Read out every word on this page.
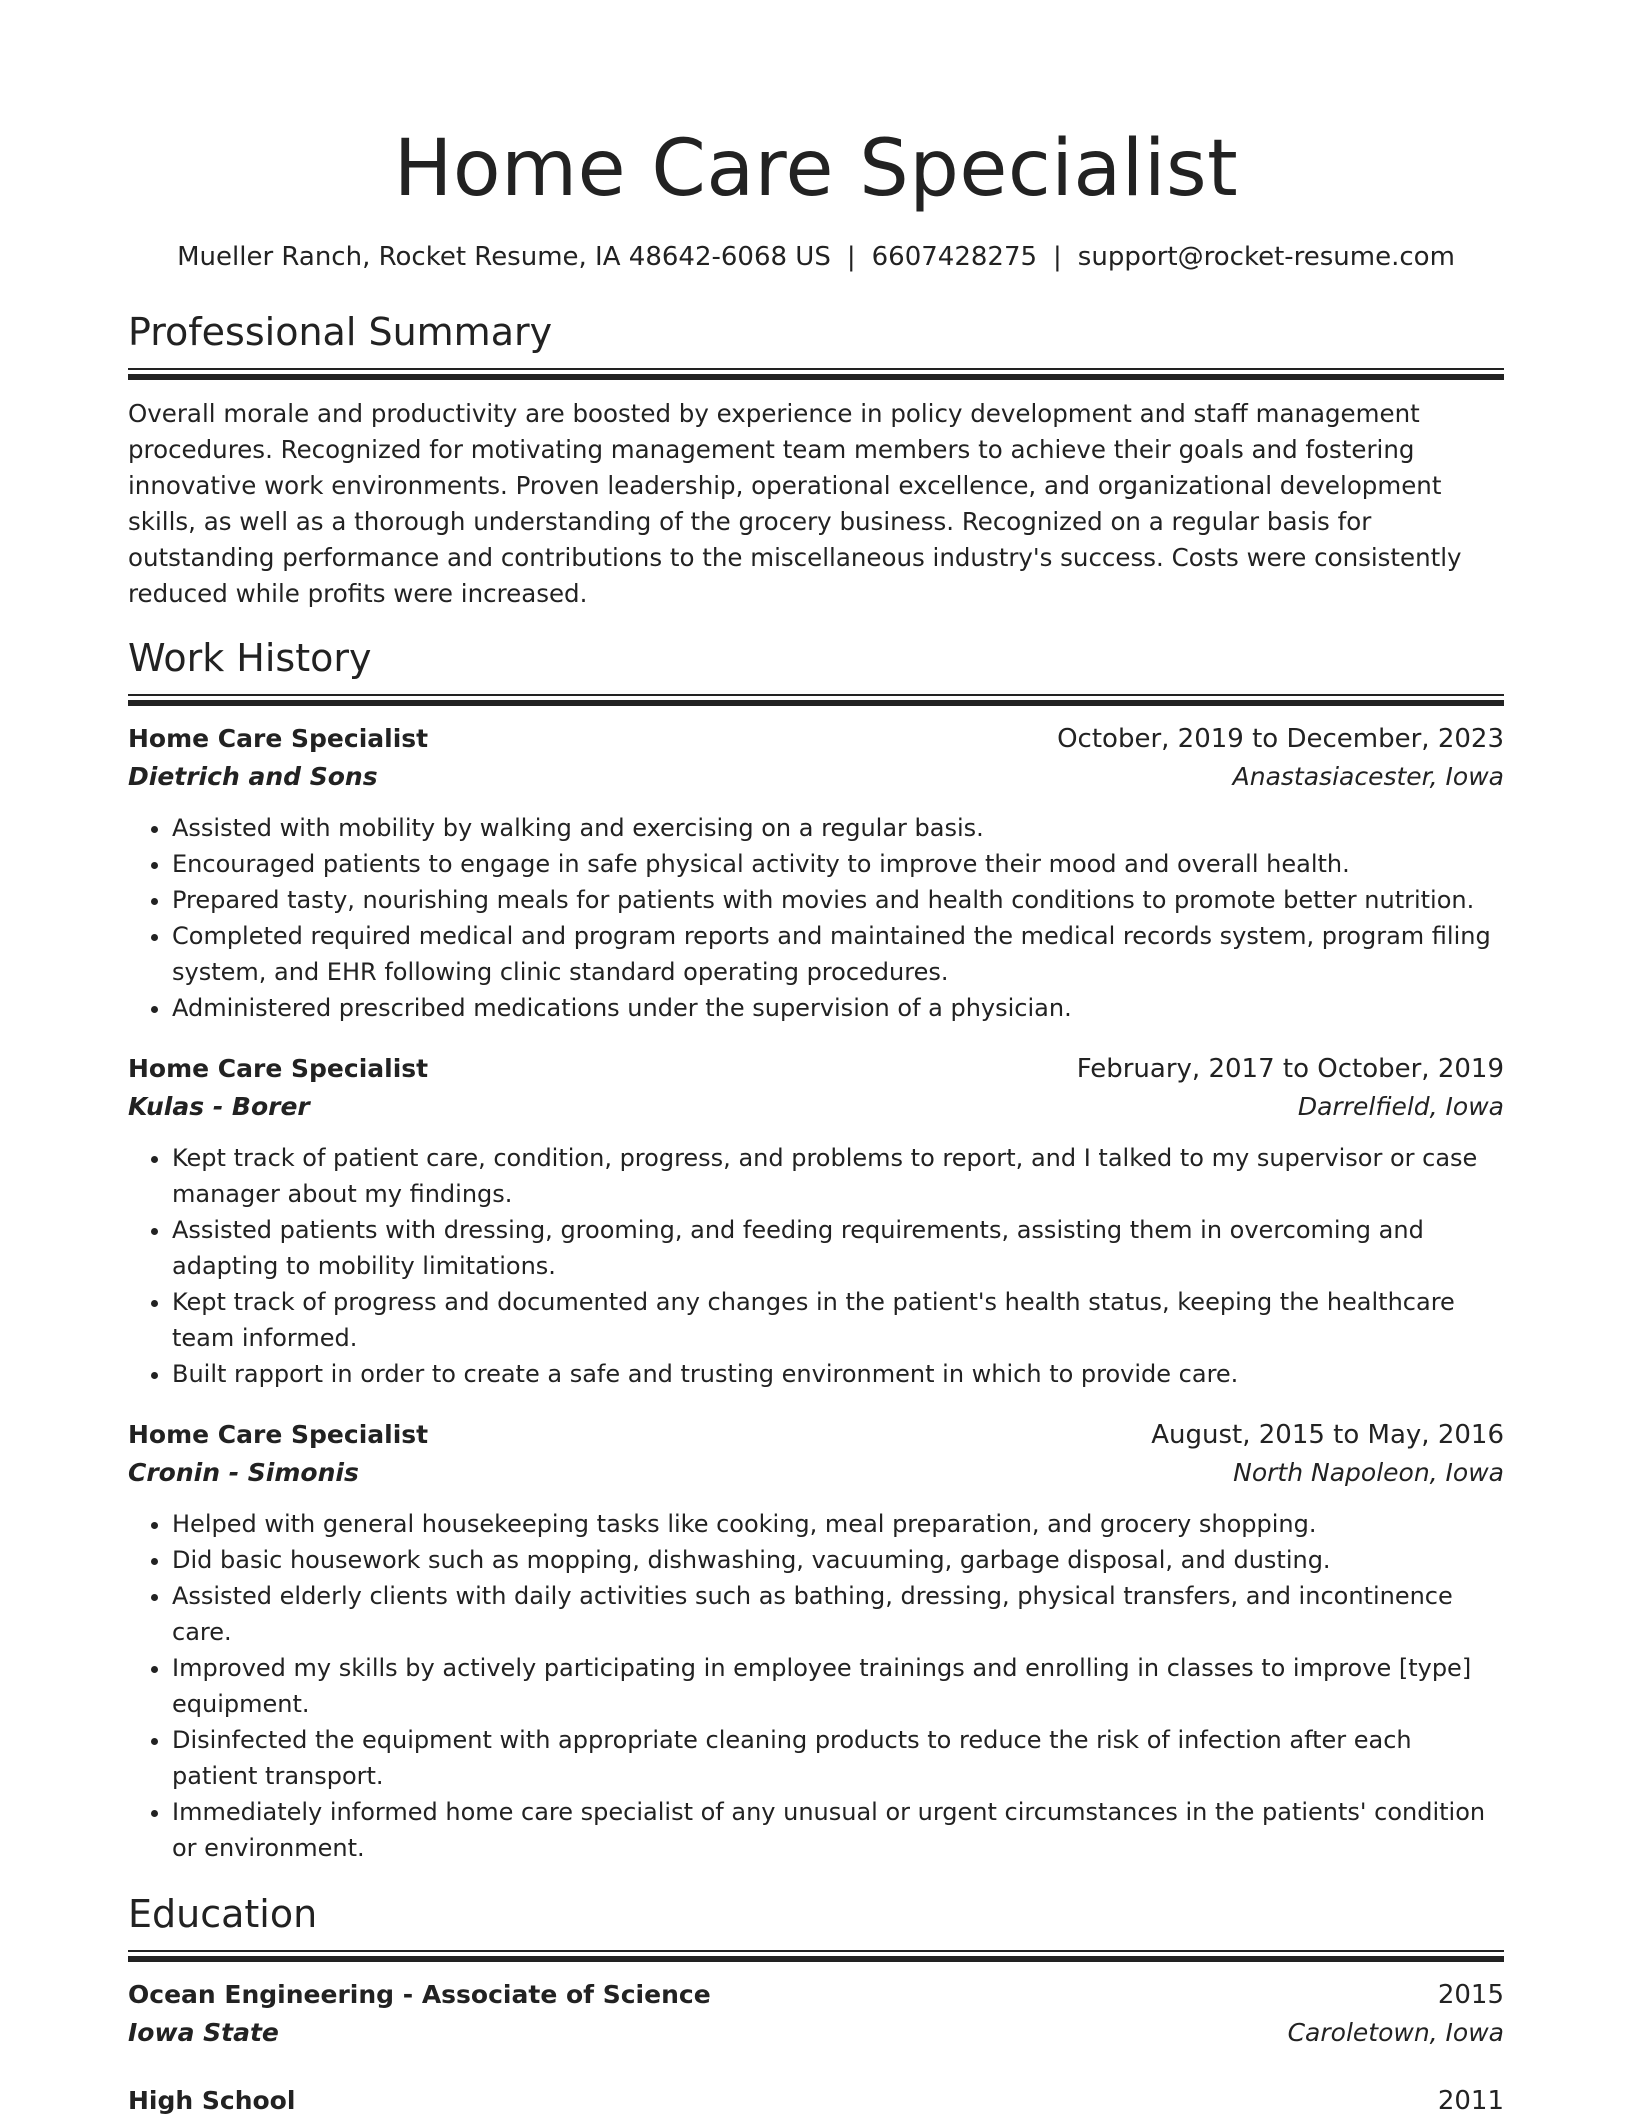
Home Care Specialist
Mueller Ranch, Rocket Resume, IA 48642-6068 US | 6607428275 | support@rocket-resume.com
Professional Summary

Overall morale and productivity are boosted by experience in policy development and staff management procedures. Recognized for motivating management team members to achieve their goals and fostering innovative work environments. Proven leadership, operational excellence, and organizational development skills, as well as a thorough understanding of the grocery business. Recognized on a regular basis for outstanding performance and contributions to the miscellaneous industry's success. Costs were consistently reduced while profits were increased.

Work History
Home Care Specialist	October, 2019 to December, 2023
Dietrich and Sons	Anastasiacester, Iowa
• Assisted with mobility by walking and exercising on a regular basis.
• Encouraged patients to engage in safe physical activity to improve their mood and overall health.
• Prepared tasty, nourishing meals for patients with movies and health conditions to promote better nutrition.
• Completed required medical and program reports and maintained the medical records system, program filing system, and EHR following clinic standard operating procedures.
• Administered prescribed medications under the supervision of a physician.
Home Care Specialist	February, 2017 to October, 2019
Kulas - Borer	Darrelfield, Iowa
• Kept track of patient care, condition, progress, and problems to report, and I talked to my supervisor or case manager about my findings.
• Assisted patients with dressing, grooming, and feeding requirements, assisting them in overcoming and adapting to mobility limitations.
• Kept track of progress and documented any changes in the patient's health status, keeping the healthcare team informed.
• Built rapport in order to create a safe and trusting environment in which to provide care.
Home Care Specialist	August, 2015 to May, 2016
Cronin - Simonis	North Napoleon, Iowa
• Helped with general housekeeping tasks like cooking, meal preparation, and grocery shopping.
• Did basic housework such as mopping, dishwashing, vacuuming, garbage disposal, and dusting.
• Assisted elderly clients with daily activities such as bathing, dressing, physical transfers, and incontinence care.
• Improved my skills by actively participating in employee trainings and enrolling in classes to improve [type] equipment.
• Disinfected the equipment with appropriate cleaning products to reduce the risk of infection after each patient transport.
• Immediately informed home care specialist of any unusual or urgent circumstances in the patients' condition or environment.
Education
Ocean Engineering - Associate of Science	2015
Iowa State	Caroletown, Iowa
High School	2011
